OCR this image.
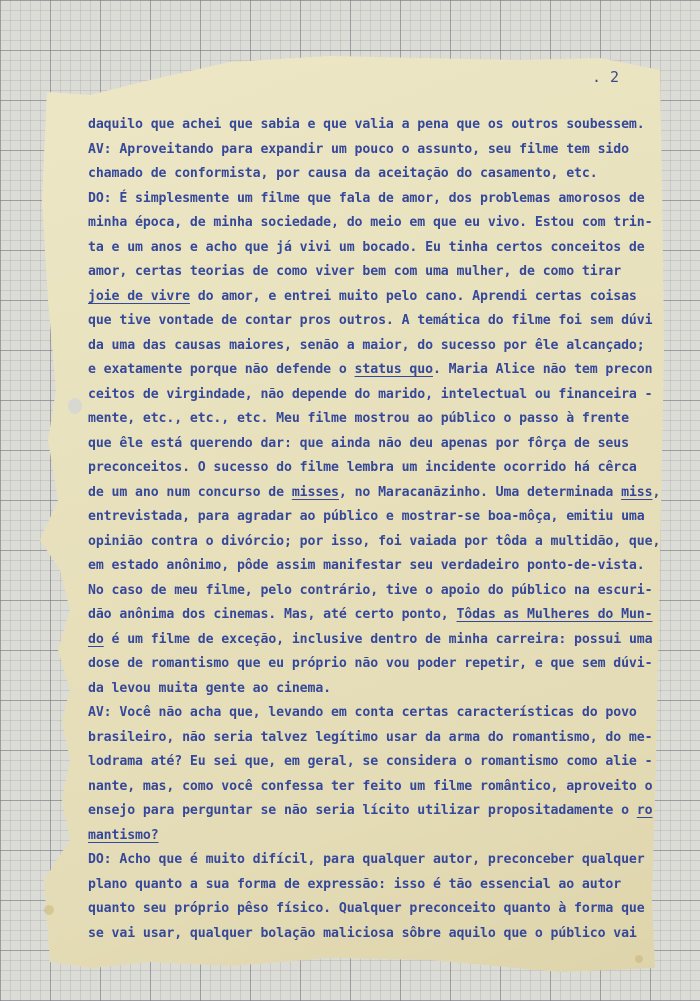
. 2
daquilo que achei que sabia e que valia a pena que os outros soubessem.
AV: Aproveitando para expandir um pouco o assunto, seu filme tem sido
chamado de conformista, por causa da aceitação do casamento, etc.
DO: É simplesmente um filme que fala de amor, dos problemas amorosos de
minha época, de minha sociedade, do meio em que eu vivo. Estou com trin-
ta e um anos e acho que já vivi um bocado. Eu tinha certos conceitos de
amor, certas teorias de como viver bem com uma mulher, de como tirar
joie de vivre do amor, e entrei muito pelo cano. Aprendi certas coisas
que tive vontade de contar pros outros. A temática do filme foi sem dúvi
da uma das causas maiores, senão a maior, do sucesso por êle alcançado;
e exatamente porque não defende o status quo. Maria Alice não tem precon
ceitos de virgindade, não depende do marido, intelectual ou financeira -
mente, etc., etc., etc. Meu filme mostrou ao público o passo à frente
que êle está querendo dar: que ainda não deu apenas por fôrça de seus
preconceitos. O sucesso do filme lembra um incidente ocorrido há cêrca
de um ano num concurso de misses, no Maracanãzinho. Uma determinada miss,
entrevistada, para agradar ao público e mostrar-se boa-môça, emitiu uma
opinião contra o divórcio; por isso, foi vaiada por tôda a multidão, que,
em estado anônimo, pôde assim manifestar seu verdadeiro ponto-de-vista.
No caso de meu filme, pelo contrário, tive o apoio do público na escuri-
dão anônima dos cinemas. Mas, até certo ponto, Tôdas as Mulheres do Mun-
do é um filme de exceção, inclusive dentro de minha carreira: possui uma
dose de romantismo que eu próprio não vou poder repetir, e que sem dúvi-
da levou muita gente ao cinema.
AV: Você não acha que, levando em conta certas características do povo
brasileiro, não seria talvez legítimo usar da arma do romantismo, do me-
lodrama até? Eu sei que, em geral, se considera o romantismo como alie -
nante, mas, como você confessa ter feito um filme romântico, aproveito o
ensejo para perguntar se não seria lícito utilizar propositadamente o ro
mantismo?
DO: Acho que é muito difícil, para qualquer autor, preconceber qualquer
plano quanto a sua forma de expressão: isso é tão essencial ao autor
quanto seu próprio pêso físico. Qualquer preconceito quanto à forma que
se vai usar, qualquer bolação maliciosa sôbre aquilo que o público vai
